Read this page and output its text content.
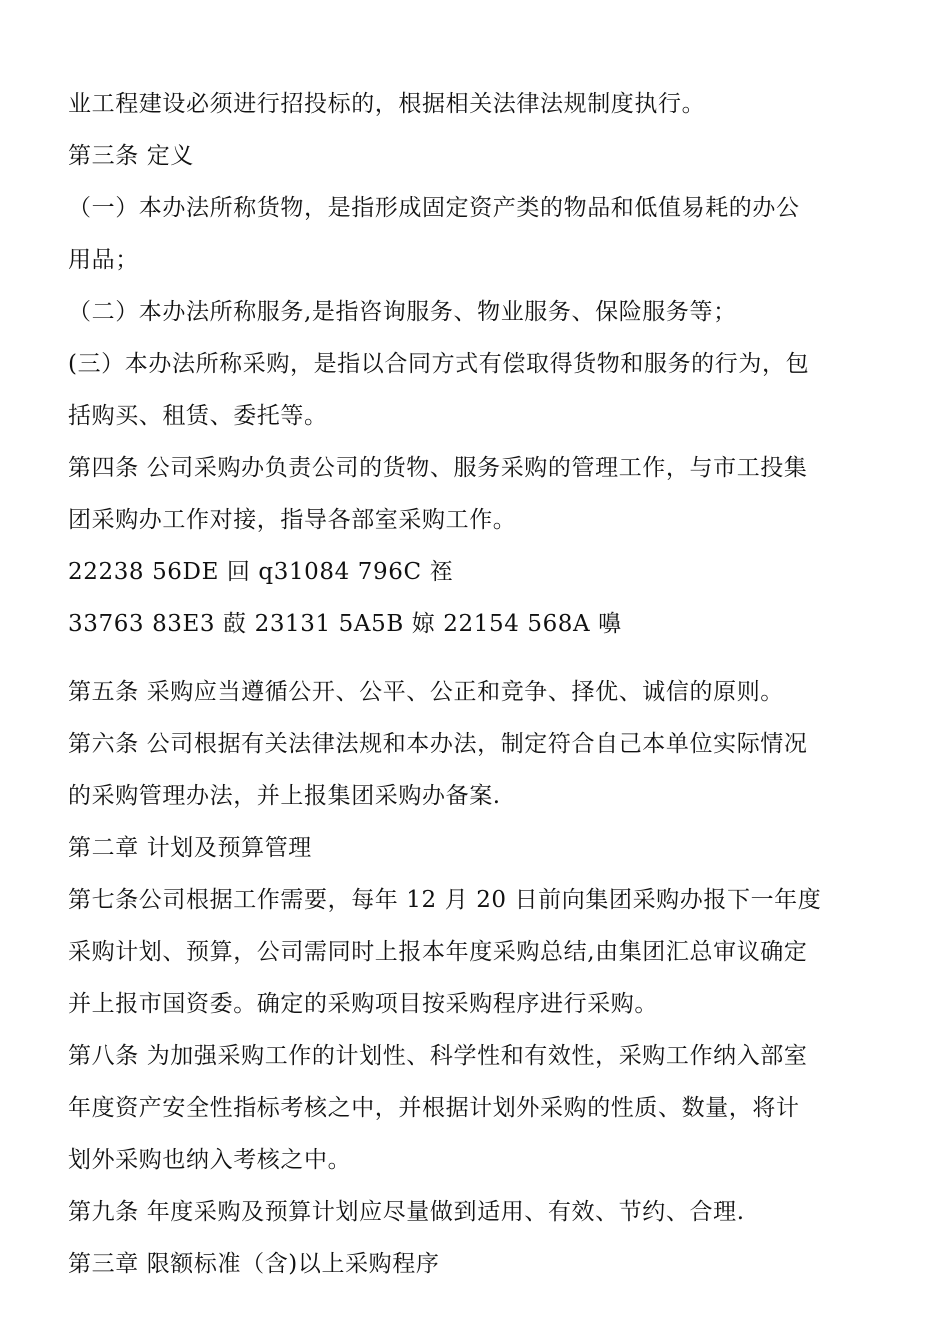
业工程建设必须进行招投标的，根据相关法律法规制度执行。
第三条 定义
（一）本办法所称货物，是指形成固定资产类的物品和低值易耗的办公
用品；
（二）本办法所称服务,是指咨询服务、物业服务、保险服务等；
(三）本办法所称采购，是指以合同方式有偿取得货物和服务的行为，包
括购买、租赁、委托等。
第四条 公司采购办负责公司的货物、服务采购的管理工作，与市工投集
团采购办工作对接，指导各部室采购工作。
22238 56DE 回 q31084 796C 祬
33763 83E3 菣 23131 5A5B 婛 22154 568A 嚊
第五条 采购应当遵循公开、公平、公正和竞争、择优、诚信的原则。
第六条 公司根据有关法律法规和本办法，制定符合自己本单位实际情况
的采购管理办法，并上报集团采购办备案.
第二章 计划及预算管理
第七条公司根据工作需要，每年 12 月 20 日前向集团采购办报下一年度
采购计划、预算，公司需同时上报本年度采购总结,由集团汇总审议确定
并上报市国资委。确定的采购项目按采购程序进行采购。
第八条 为加强采购工作的计划性、科学性和有效性，采购工作纳入部室
年度资产安全性指标考核之中，并根据计划外采购的性质、数量，将计
划外采购也纳入考核之中。
第九条 年度采购及预算计划应尽量做到适用、有效、节约、合理.
第三章 限额标准（含)以上采购程序
